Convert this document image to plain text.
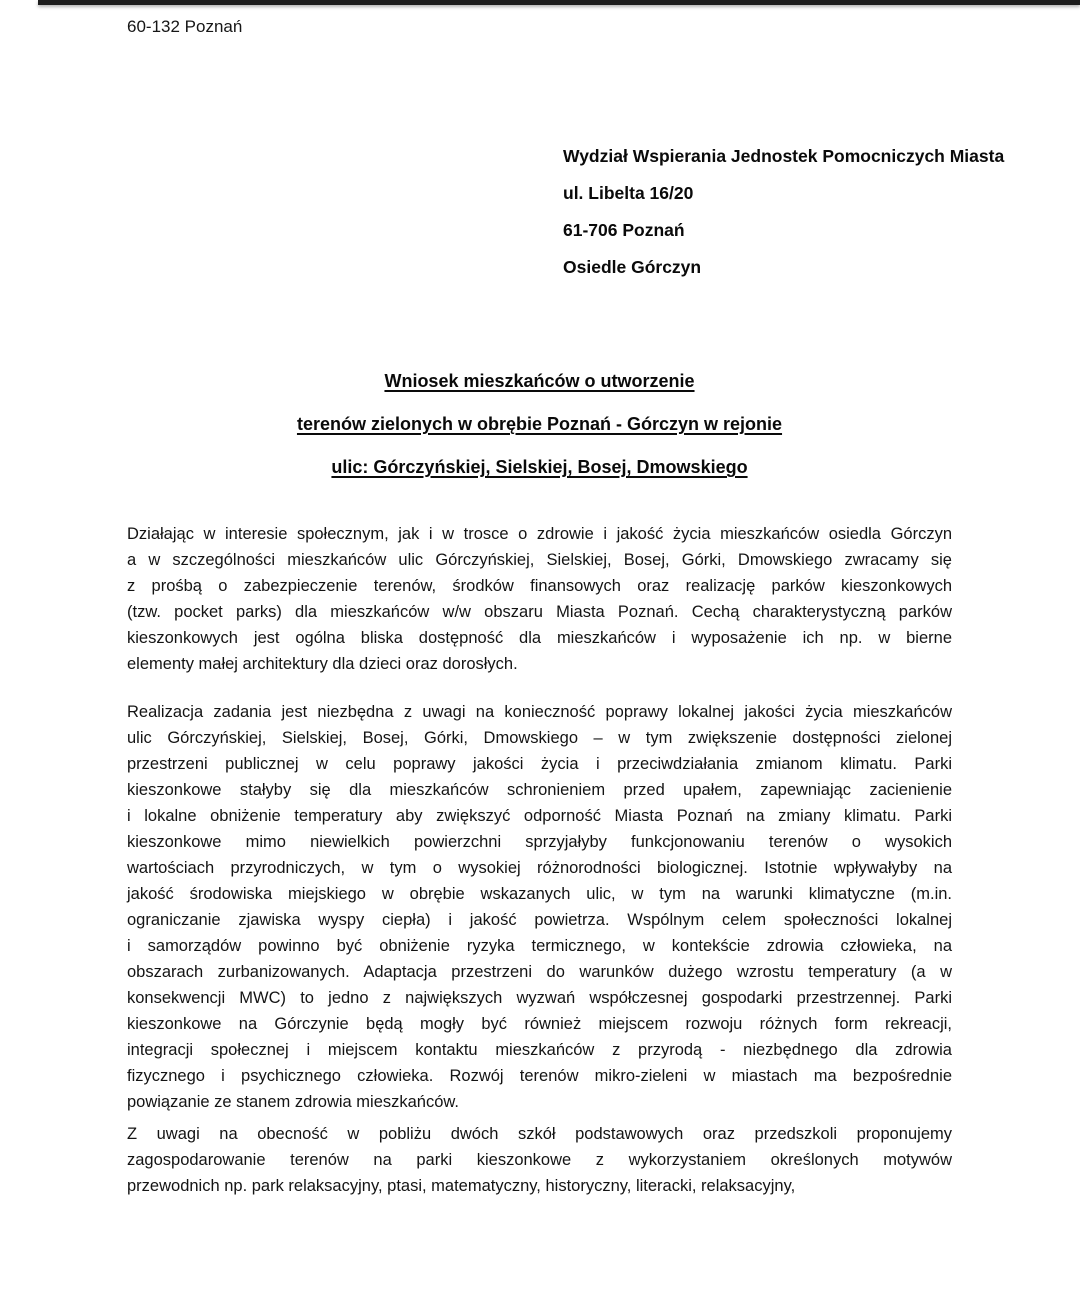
60-132 Poznań
Wydział Wspierania Jednostek Pomocniczych Miasta
ul. Libelta 16/20
61-706 Poznań
Osiedle Górczyn
Wniosek mieszkańców o utworzenie
terenów zielonych w obrębie Poznań - Górczyn w rejonie
ulic: Górczyńskiej, Sielskiej, Bosej, Dmowskiego
Działając w interesie społecznym, jak i w trosce o zdrowie i jakość życia mieszkańców osiedla Górczyn
a w szczególności mieszkańców ulic Górczyńskiej, Sielskiej, Bosej, Górki, Dmowskiego zwracamy się
z prośbą o zabezpieczenie terenów, środków finansowych oraz realizację parków kieszonkowych
(tzw. pocket parks) dla mieszkańców w/w obszaru Miasta Poznań. Cechą charakterystyczną parków
kieszonkowych jest ogólna bliska dostępność dla mieszkańców i wyposażenie ich np. w bierne
elementy małej architektury dla dzieci oraz dorosłych.
Realizacja zadania jest niezbędna z uwagi na konieczność poprawy lokalnej jakości życia mieszkańców
ulic Górczyńskiej, Sielskiej, Bosej, Górki, Dmowskiego – w tym zwiększenie dostępności zielonej
przestrzeni publicznej w celu poprawy jakości życia i przeciwdziałania zmianom klimatu. Parki
kieszonkowe stałyby się dla mieszkańców schronieniem przed upałem, zapewniając zacienienie
i lokalne obniżenie temperatury aby zwiększyć odporność Miasta Poznań na zmiany klimatu. Parki
kieszonkowe mimo niewielkich powierzchni sprzyjałyby funkcjonowaniu terenów o wysokich
wartościach przyrodniczych, w tym o wysokiej różnorodności biologicznej. Istotnie wpływałyby na
jakość środowiska miejskiego w obrębie wskazanych ulic, w tym na warunki klimatyczne (m.in.
ograniczanie zjawiska wyspy ciepła) i jakość powietrza. Wspólnym celem społeczności lokalnej
i samorządów powinno być obniżenie ryzyka termicznego, w kontekście zdrowia człowieka, na
obszarach zurbanizowanych. Adaptacja przestrzeni do warunków dużego wzrostu temperatury (a w
konsekwencji MWC) to jedno z największych wyzwań współczesnej gospodarki przestrzennej. Parki
kieszonkowe na Górczynie będą mogły być również miejscem rozwoju różnych form rekreacji,
integracji społecznej i miejscem kontaktu mieszkańców z przyrodą - niezbędnego dla zdrowia
fizycznego i psychicznego człowieka. Rozwój terenów mikro-zieleni w miastach ma bezpośrednie
powiązanie ze stanem zdrowia mieszkańców.
Z uwagi na obecność w pobliżu dwóch szkół podstawowych oraz przedszkoli proponujemy
zagospodarowanie terenów na parki kieszonkowe z wykorzystaniem określonych motywów
przewodnich np. park relaksacyjny, ptasi, matematyczny, historyczny, literacki, relaksacyjny,
